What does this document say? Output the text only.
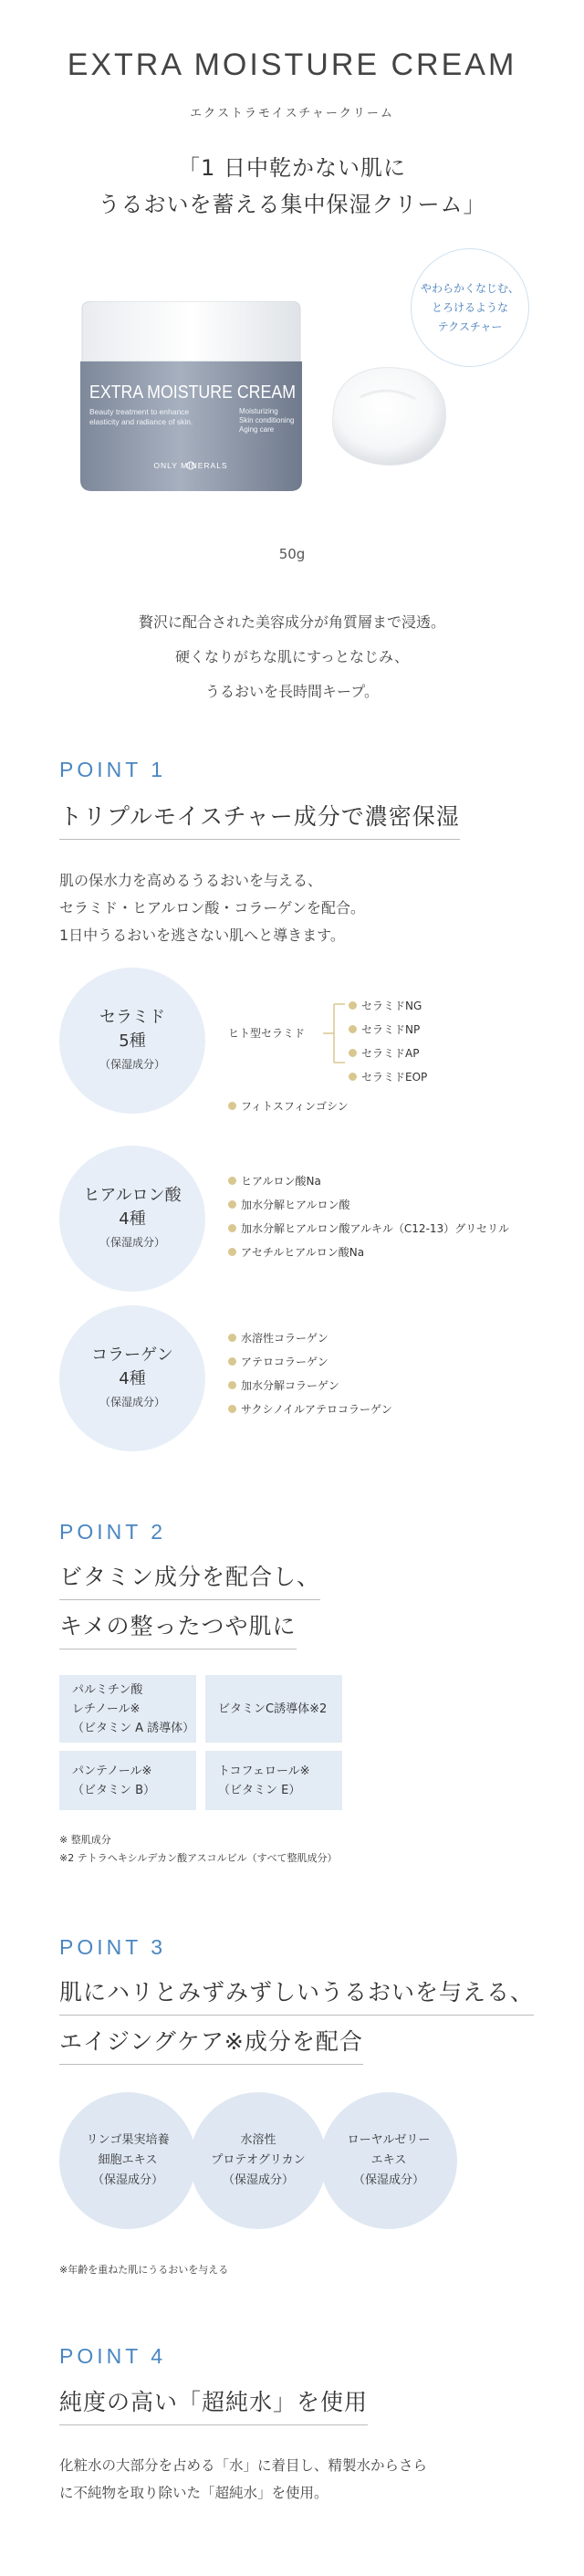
EXTRA MOISTURE CREAM
エクストラモイスチャークリーム
「1 日中乾かない肌に
うるおいを蓄える集中保湿クリーム」
EXTRA MOISTURE CREAM
Beauty treatment to enhance elasticity and radiance of skin.
Moisturizing Skin conditioning Aging care
ONLY MINERALS
やわらかくなじむ、
とろけるような
テクスチャー
50g
贅沢に配合された美容成分が角質層まで浸透。
硬くなりがちな肌にすっとなじみ、
うるおいを長時間キープ。
POINT 1
トリプルモイスチャー成分で濃密保湿
肌の保水力を高めるうるおいを与える、
セラミド・ヒアルロン酸・コラーゲンを配合。
1日中うるおいを逃さない肌へと導きます。
セラミド
5種
（保湿成分）
ヒト型セラミド
セラミドNG
セラミドNP
セラミドAP
セラミドEOP
フィトスフィンゴシン
ヒアルロン酸
4種
（保湿成分）
ヒアルロン酸Na
加水分解ヒアルロン酸
加水分解ヒアルロン酸アルキル（C12-13）グリセリル
アセチルヒアルロン酸Na
コラーゲン
4種
（保湿成分）
水溶性コラーゲン
アテロコラーゲン
加水分解コラーゲン
サクシノイルアテロコラーゲン
POINT 2
ビタミン成分を配合し、
キメの整ったつや肌に
パルミチン酸
レチノール※
（ビタミン A 誘導体）
ビタミンC誘導体※2
パンテノール※
（ビタミン B）
トコフェロール※
（ビタミン E）
※ 整肌成分
※2 テトラヘキシルデカン酸アスコルビル（すべて整肌成分）
POINT 3
肌にハリとみずみずしいうるおいを与える、
エイジングケア※成分を配合
リンゴ果実培養
細胞エキス
（保湿成分）
水溶性
プロテオグリカン
（保湿成分）
ローヤルゼリー
エキス
（保湿成分）
※年齢を重ねた肌にうるおいを与える
POINT 4
純度の高い「超純水」を使用
化粧水の大部分を占める「水」に着目し、精製水からさら
に不純物を取り除いた「超純水」を使用。
